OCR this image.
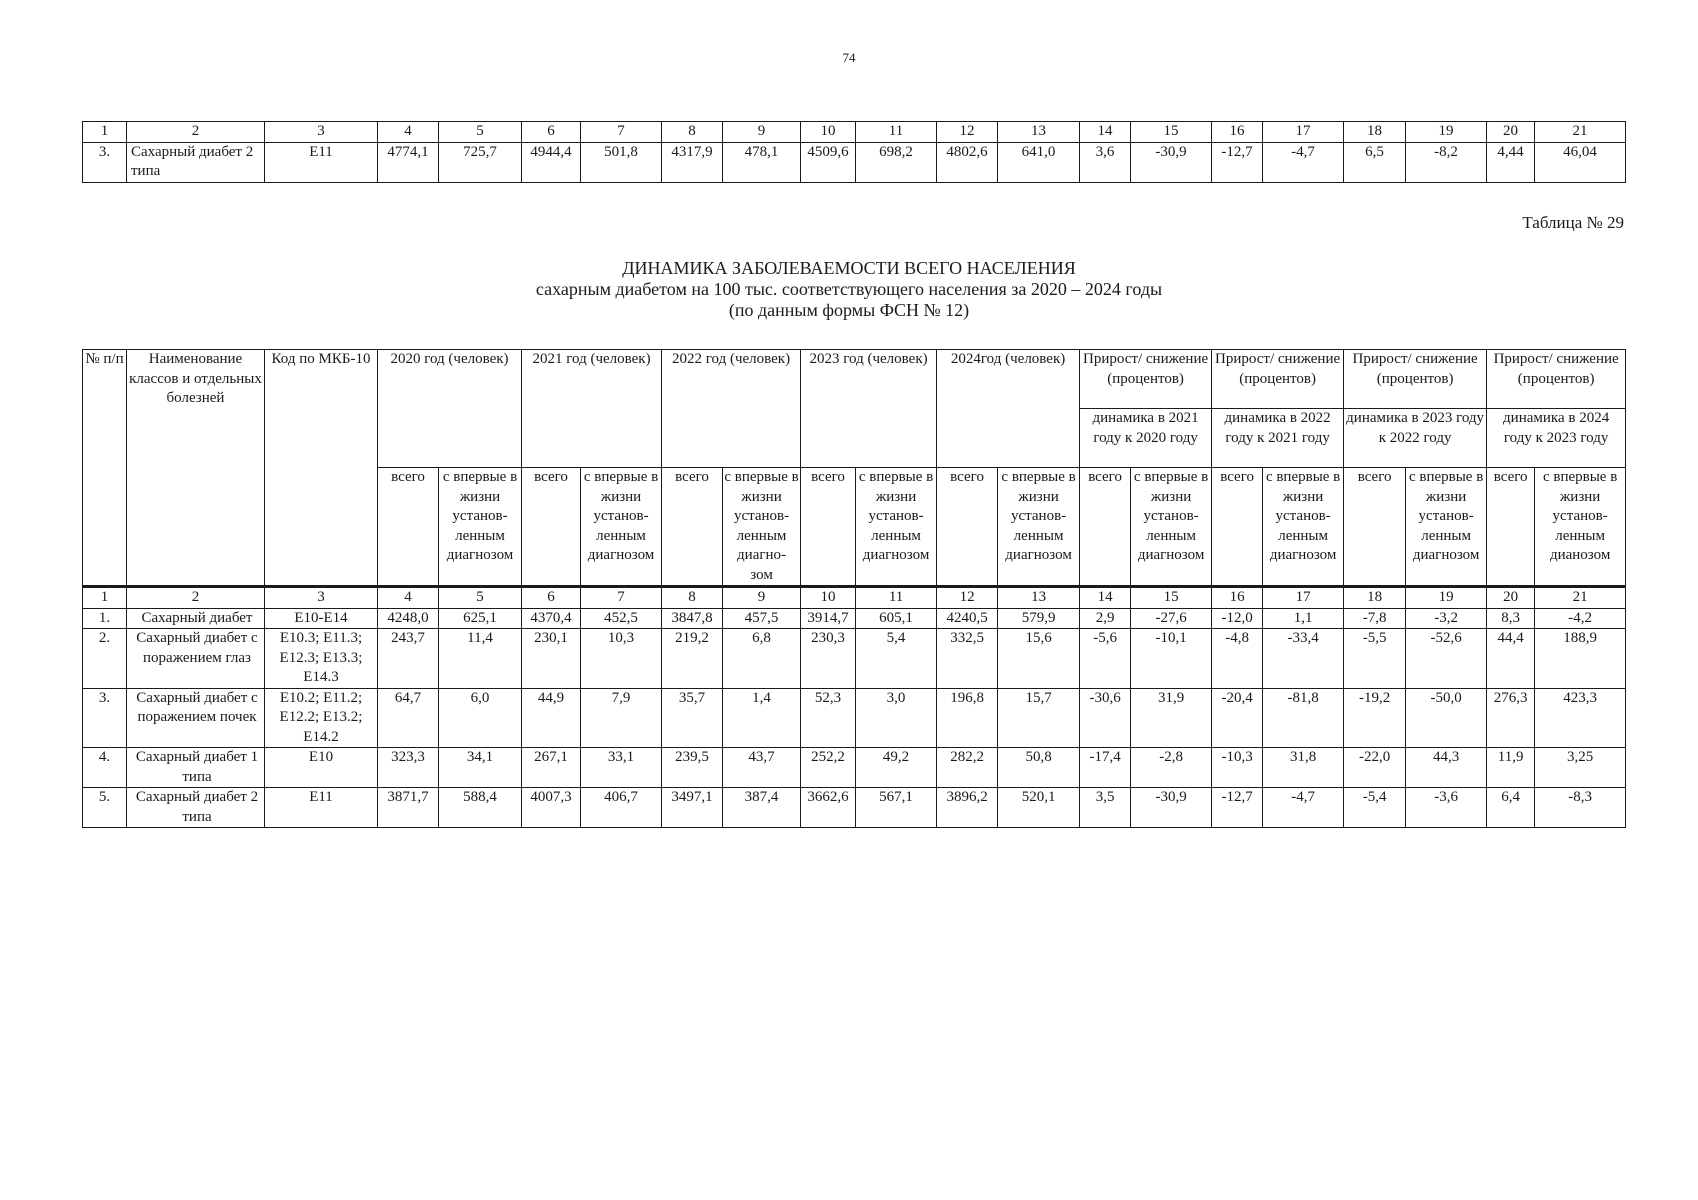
74
1	2	3	4	5	6	7	8	9	10	11	12	13	14	15	16	17	18	19	20	21
3.	Сахарный диабет 2 типа	E11	4774,1	725,7	4944,4	501,8	4317,9	478,1	4509,6	698,2	4802,6	641,0	3,6	-30,9	-12,7	-4,7	6,5	-8,2	4,44	46,04
Таблица № 29
ДИНАМИКА ЗАБОЛЕВАЕМОСТИ ВСЕГО НАСЕЛЕНИЯ
сахарным диабетом на 100 тыс. соответствующего населения за 2020 – 2024 годы
(по данным формы ФСН № 12)
№ п/п	Наименование классов и отдельных болезней	Код по МКБ-10	2020 год (человек)		2021 год (человек)		2022 год (человек)		2023 год (человек)		2024год (человек)		Прирост/ снижение (процентов)		Прирост/ снижение (процентов)		Прирост/ снижение (процентов)		Прирост/ снижение (процентов)	
													динамика в 2021 году к 2020 году		динамика в 2022 году к 2021 году		динамика в 2023 году к 2022 году		динамика в 2024 году к 2023 году	
			всего	с впервые в жизни установ- ленным диагнозом	всего	с впервые в жизни установ- ленным диагнозом	всего	с впервые в жизни установ- ленным диагно- зом	всего	с впервые в жизни установ- ленным диагнозом	всего	с впервые в жизни установ- ленным диагнозом	всего	с впервые в жизни установ- ленным диагнозом	всего	с впервые в жизни установ- ленным диагнозом	всего	с впервые в жизни установ- ленным диагнозом	всего	с впервые в жизни установ- ленным дианозом
1	2	3	4	5	6	7	8	9	10	11	12	13	14	15	16	17	18	19	20	21
1.	Сахарный диабет	E10-E14	4248,0	625,1	4370,4	452,5	3847,8	457,5	3914,7	605,1	4240,5	579,9	2,9	-27,6	-12,0	1,1	-7,8	-3,2	8,3	-4,2
2.	Сахарный диабет с поражением глаз	E10.3; E11.3; E12.3; E13.3; E14.3	243,7	11,4	230,1	10,3	219,2	6,8	230,3	5,4	332,5	15,6	-5,6	-10,1	-4,8	-33,4	-5,5	-52,6	44,4	188,9
3.	Сахарный диабет с поражением почек	E10.2; E11.2; E12.2; E13.2; E14.2	64,7	6,0	44,9	7,9	35,7	1,4	52,3	3,0	196,8	15,7	-30,6	31,9	-20,4	-81,8	-19,2	-50,0	276,3	423,3
4.	Сахарный диабет 1 типа	E10	323,3	34,1	267,1	33,1	239,5	43,7	252,2	49,2	282,2	50,8	-17,4	-2,8	-10,3	31,8	-22,0	44,3	11,9	3,25
5.	Сахарный диабет 2 типа	E11	3871,7	588,4	4007,3	406,7	3497,1	387,4	3662,6	567,1	3896,2	520,1	3,5	-30,9	-12,7	-4,7	-5,4	-3,6	6,4	-8,3
